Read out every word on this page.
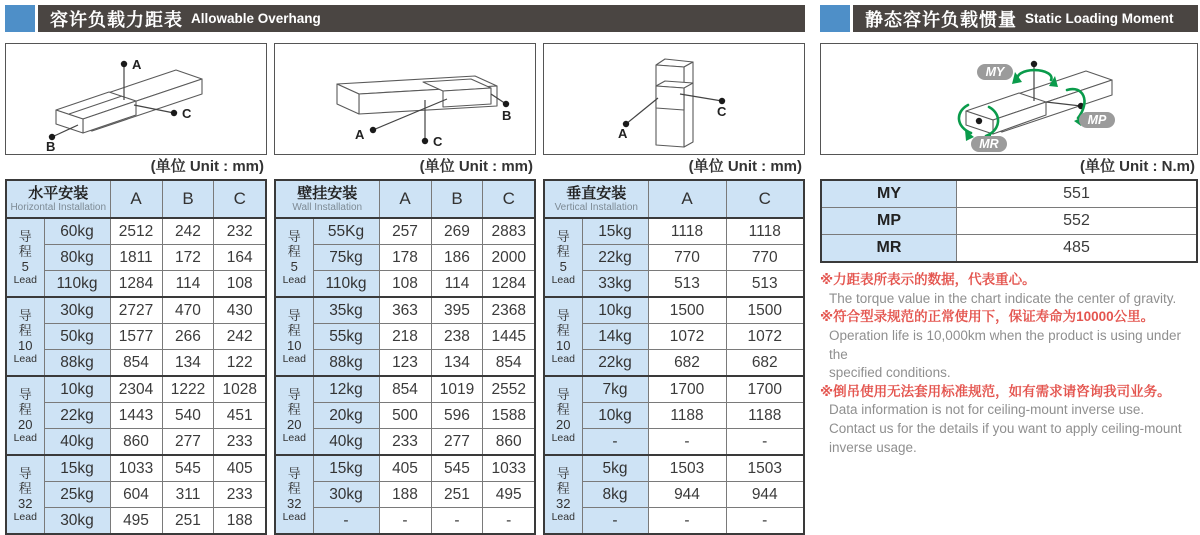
容许负载力距表 Allowable Overhang
A
B
C
(单位 Unit : mm)
水平安装
Horizontal Installation		A	B	C

导
程
5
Lead	60kg	2512	242	232
	80kg	1811	172	164
	110kg	1284	114	108

导
程
10
Lead	30kg	2727	470	430
	50kg	1577	266	242
	88kg	854	134	122

导
程
20
Lead	10kg	2304	1222	1028
	22kg	1443	540	451
	40kg	860	277	233

导
程
32
Lead	15kg	1033	545	405
	25kg	604	311	233
	30kg	495	251	188
A
B
C
(单位 Unit : mm)
壁挂安装
Wall Installation		A	B	C

导
程
5
Lead	55Kg	257	269	2883
	75kg	178	186	2000
	110kg	108	114	1284

导
程
10
Lead	35kg	363	395	2368
	55kg	218	238	1445
	88kg	123	134	854

导
程
20
Lead	12kg	854	1019	2552
	20kg	500	596	1588
	40kg	233	277	860

导
程
32
Lead	15kg	405	545	1033
	30kg	188	251	495
	-	-	-	-
A
C
(单位 Unit : mm)
垂直安装
Vertical Installation		A	C

导
程
5
Lead	15kg	1118	1118
	22kg	770	770
	33kg	513	513

导
程
10
Lead	10kg	1500	1500
	14kg	1072	1072
	22kg	682	682

导
程
20
Lead	7kg	1700	1700
	10kg	1188	1188
	-	-	-

导
程
32
Lead	5kg	1503	1503
	8kg	944	944
	-	-	-
静态容许负载惯量 Static Loading Moment
MY
MP
MR
(单位 Unit : N.m)
MY	551
MP	552
MR	485
※力距表所表示的数据，代表重心。
The torque value in the chart indicate the center of gravity.
※符合型录规范的正常使用下，保证寿命为10000公里。
Operation life is 10,000km when the product is using under the
specified conditions.
※倒吊使用无法套用标准规范，如有需求请咨询我司业务。
Data information is not for ceiling-mount inverse use.
Contact us for the details if you want to apply ceiling-mount
inverse usage.
